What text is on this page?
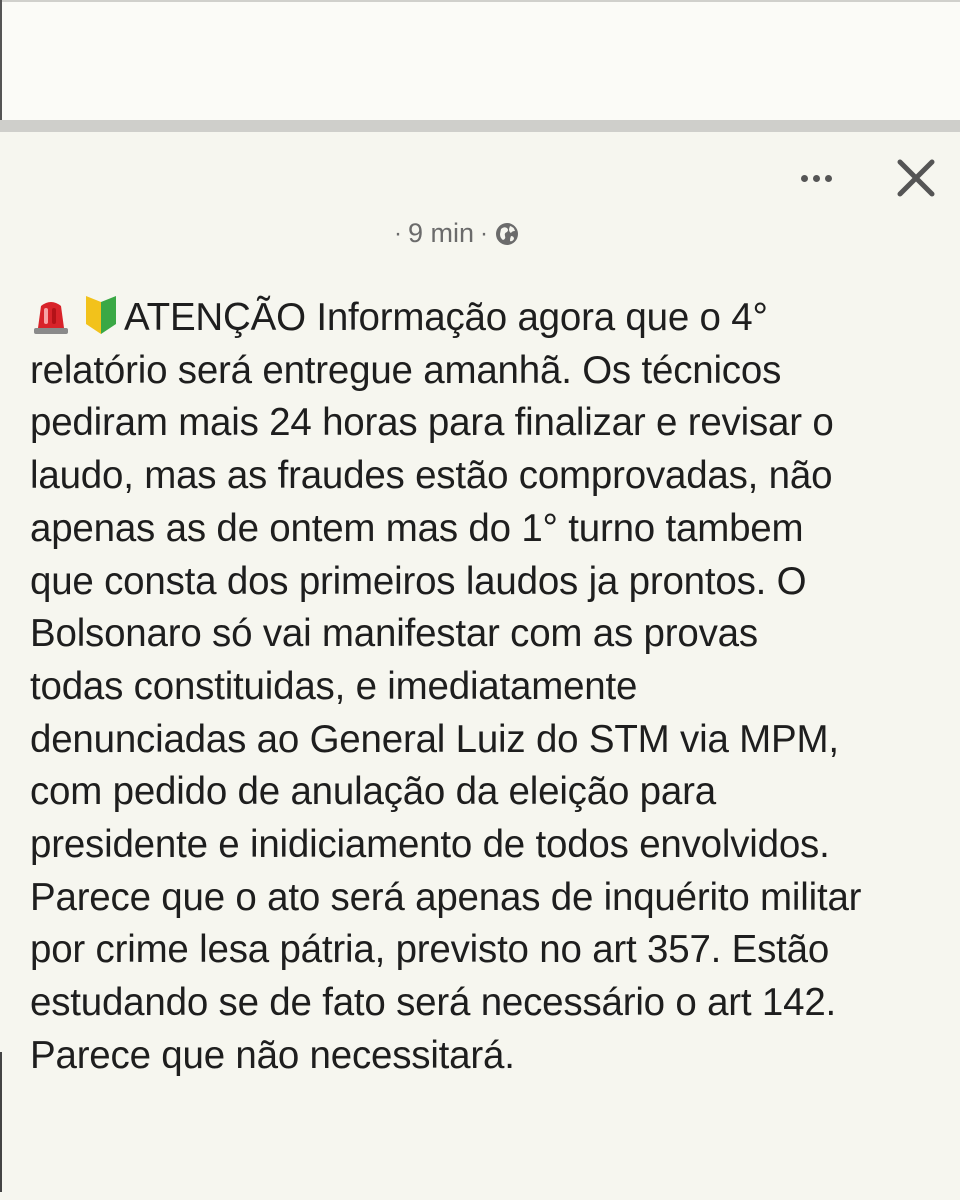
· 9 min ·
ATENÇÃO Informação agora que o 4°
relatório será entregue amanhã. Os técnicos
pediram mais 24 horas para finalizar e revisar o
laudo, mas as fraudes estão comprovadas, não
apenas as de ontem mas do 1° turno tambem
que consta dos primeiros laudos ja prontos. O
Bolsonaro só vai manifestar com as provas
todas constituidas, e imediatamente
denunciadas ao General Luiz do STM via MPM,
com pedido de anulação da eleição para
presidente e inidiciamento de todos envolvidos.
Parece que o ato será apenas de inquérito militar
por crime lesa pátria, previsto no art 357. Estão
estudando se de fato será necessário o art 142.
Parece que não necessitará.
